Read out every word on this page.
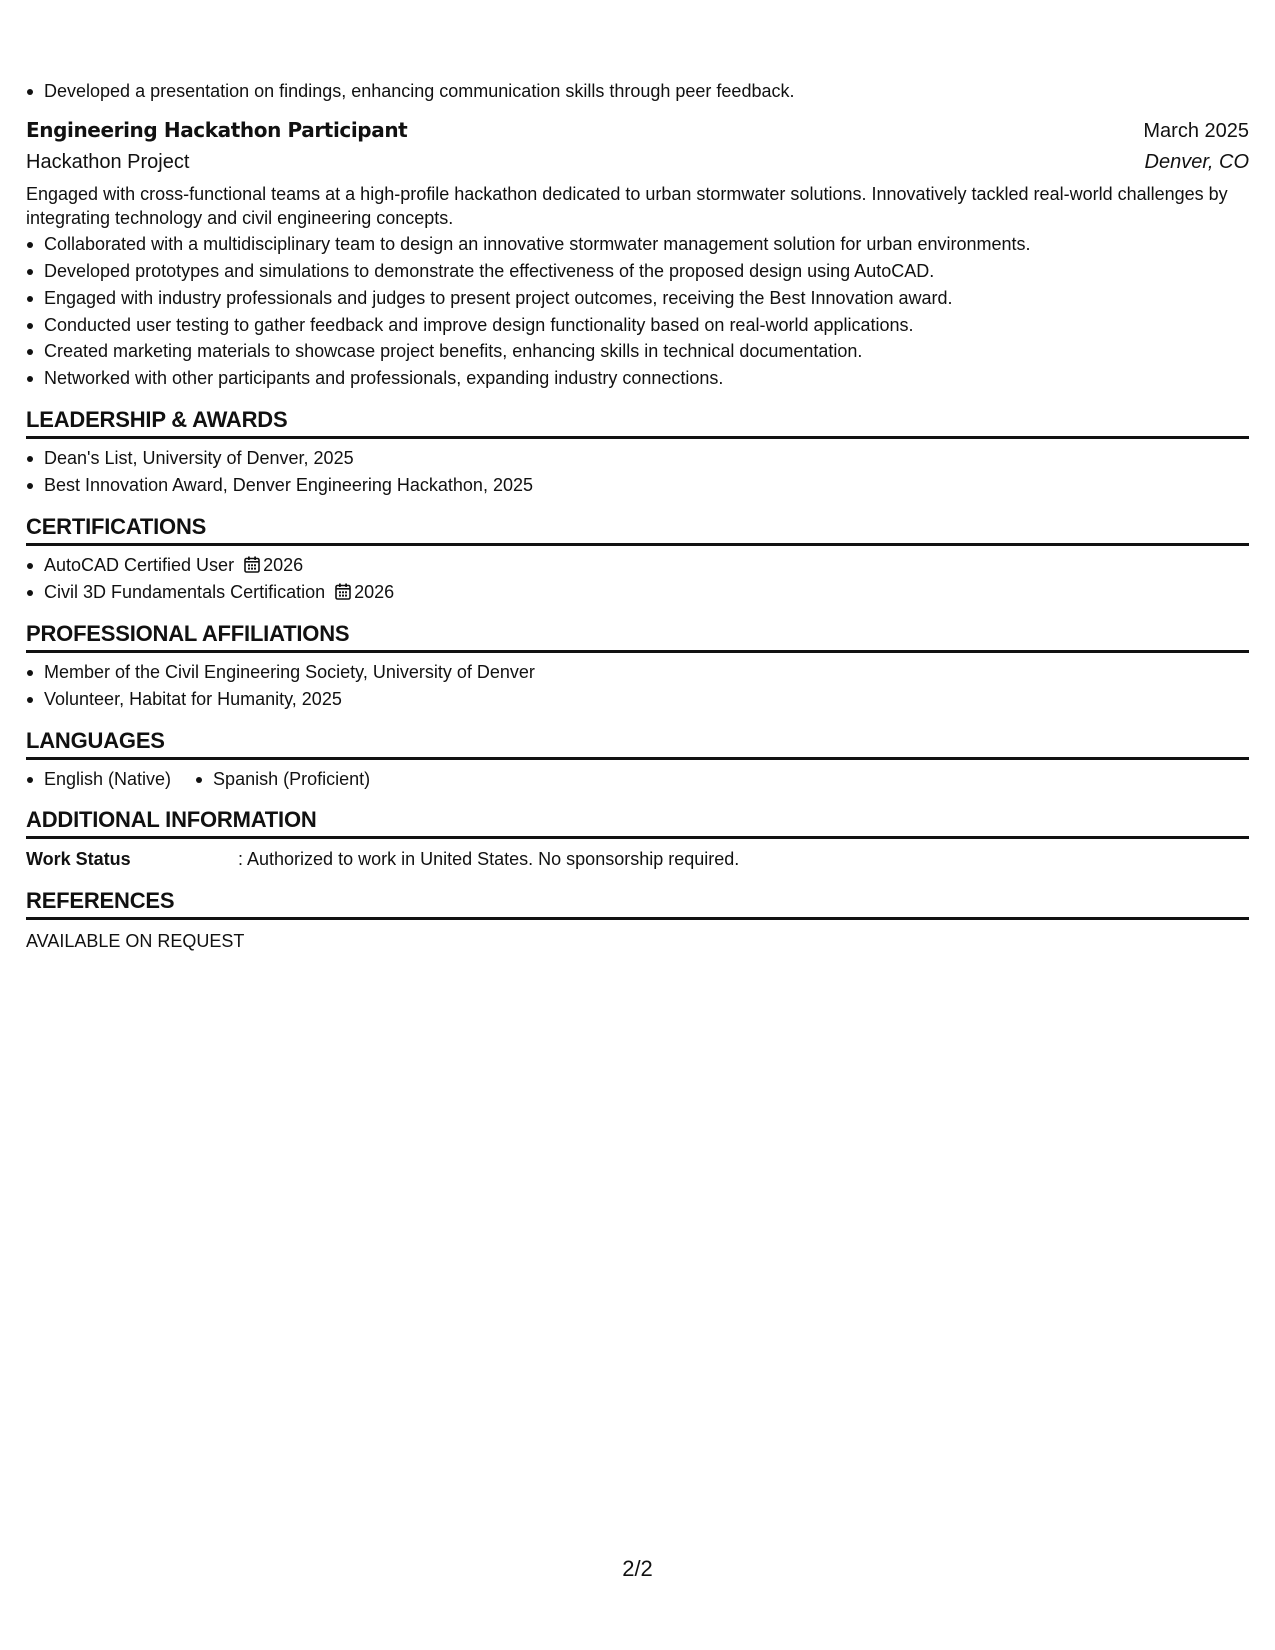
Developed a presentation on findings, enhancing communication skills through peer feedback.
Engineering Hackathon Participant	March 2025
Hackathon Project	Denver, CO
Engaged with cross-functional teams at a high-profile hackathon dedicated to urban stormwater solutions. Innovatively tackled real-world challenges by integrating technology and civil engineering concepts.
Collaborated with a multidisciplinary team to design an innovative stormwater management solution for urban environments.
Developed prototypes and simulations to demonstrate the effectiveness of the proposed design using AutoCAD.
Engaged with industry professionals and judges to present project outcomes, receiving the Best Innovation award.
Conducted user testing to gather feedback and improve design functionality based on real-world applications.
Created marketing materials to showcase project benefits, enhancing skills in technical documentation.
Networked with other participants and professionals, expanding industry connections.
LEADERSHIP & AWARDS
Dean's List, University of Denver, 2025
Best Innovation Award, Denver Engineering Hackathon, 2025
CERTIFICATIONS
AutoCAD Certified User 2026
Civil 3D Fundamentals Certification 2026
PROFESSIONAL AFFILIATIONS
Member of the Civil Engineering Society, University of Denver
Volunteer, Habitat for Humanity, 2025
LANGUAGES
English (Native)	Spanish (Proficient)
ADDITIONAL INFORMATION
Work Status	: Authorized to work in United States. No sponsorship required.
REFERENCES
AVAILABLE ON REQUEST
2/2
